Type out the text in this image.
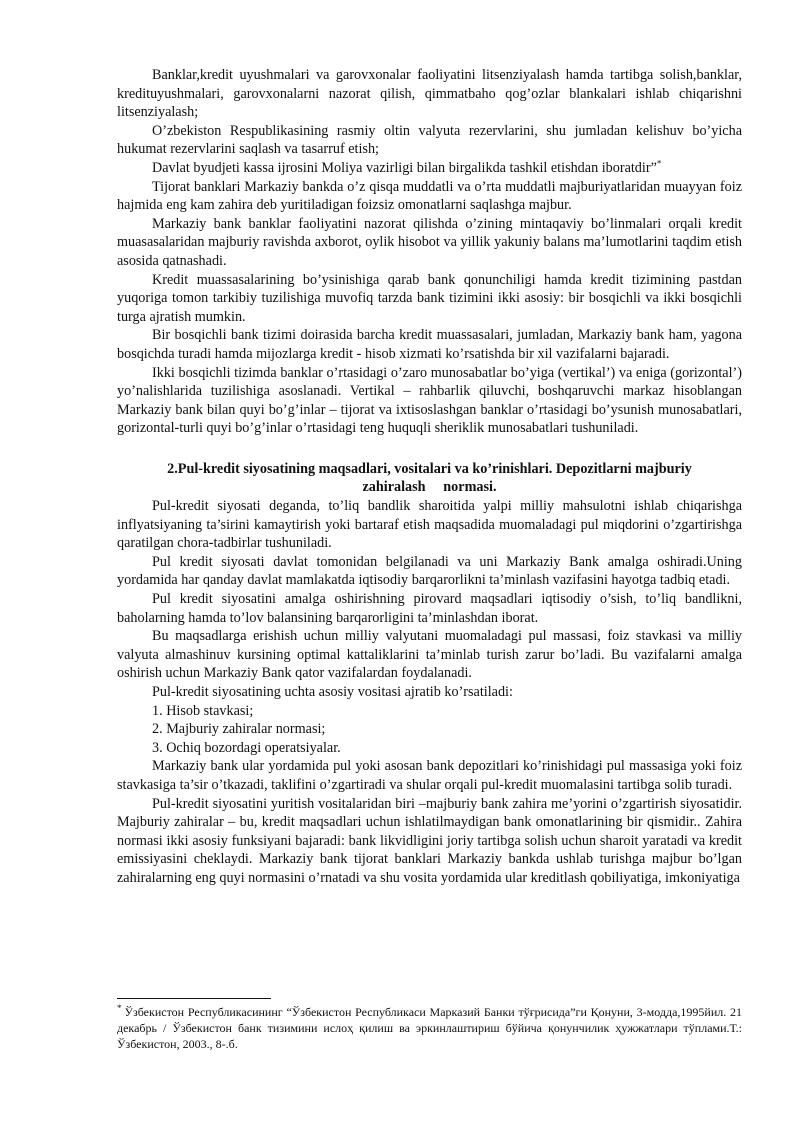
Banklar,kredit uyushmalari va garovxonalar faoliyatini litsenziyalash hamda tartibga solish,banklar, kredituyushmalari, garovxonalarni nazorat qilish, qimmatbaho qog’ozlar blankalari ishlab chiqarishni litsenziyalash;

O’zbekiston Respublikasining rasmiy oltin valyuta rezervlarini, shu jumladan kelishuv bo’yicha hukumat rezervlarini saqlash va tasarruf etish;

Davlat byudjeti kassa ijrosini Moliya vazirligi bilan birgalikda tashkil etishdan iboratdir”*

Tijorat banklari Markaziy bankda o’z qisqa muddatli va o’rta muddatli majburiyatlaridan muayyan foiz hajmida eng kam zahira deb yuritiladigan foizsiz omonatlarni saqlashga majbur.

Markaziy bank banklar faoliyatini nazorat qilishda o’zining mintaqaviy bo’linmalari orqali kredit muasasalaridan majburiy ravishda axborot, oylik hisobot va yillik yakuniy balans ma’lumotlarini taqdim etish asosida qatnashadi.

Kredit muassasalarining bo’ysinishiga qarab bank qonunchiligi hamda kredit tizimining pastdan yuqoriga tomon tarkibiy tuzilishiga muvofiq tarzda bank tizimini ikki asosiy: bir bosqichli va ikki bosqichli turga ajratish mumkin.

Bir bosqichli bank tizimi doirasida barcha kredit muassasalari, jumladan, Markaziy bank ham, yagona bosqichda turadi hamda mijozlarga kredit - hisob xizmati ko’rsatishda bir xil vazifalarni bajaradi.

Ikki bosqichli tizimda banklar o’rtasidagi o’zaro munosabatlar bo’yiga (vertikal’) va eniga (gorizontal’) yo’nalishlarida tuzilishiga asoslanadi. Vertikal – rahbarlik qiluvchi, boshqaruvchi markaz hisoblangan Markaziy bank bilan quyi bo’g’inlar – tijorat va ixtisoslashgan banklar o’rtasidagi bo’ysunish munosabatlari, gorizontal-turli quyi bo’g’inlar o’rtasidagi teng huquqli sheriklik munosabatlari tushuniladi.

2.Pul-kredit siyosatining maqsadlari, vositalari va ko’rinishlari. Depozitlarni majburiy
zahiralash     normasi.

Pul-kredit siyosati deganda, to’liq bandlik sharoitida yalpi milliy mahsulotni ishlab chiqarishga inflyatsiyaning ta’sirini kamaytirish yoki bartaraf etish maqsadida muomaladagi pul miqdorini o’zgartirishga qaratilgan chora-tadbirlar tushuniladi.

Pul kredit siyosati davlat tomonidan belgilanadi va uni Markaziy Bank amalga oshiradi.Uning yordamida har qanday davlat mamlakatda iqtisodiy barqarorlikni ta’minlash vazifasini hayotga tadbiq etadi.

Pul kredit siyosatini amalga oshirishning pirovard maqsadlari iqtisodiy o’sish, to’liq bandlikni, baholarning hamda to’lov balansining barqarorligini ta’minlashdan iborat.

Bu maqsadlarga erishish uchun milliy valyutani muomaladagi pul massasi, foiz stavkasi va milliy valyuta almashinuv kursining optimal kattaliklarini ta’minlab turish zarur bo’ladi. Bu vazifalarni amalga oshirish uchun Markaziy Bank qator vazifalardan foydalanadi.

Pul-kredit siyosatining uchta asosiy vositasi ajratib ko’rsatiladi:

1. Hisob stavkasi;

2. Majburiy zahiralar normasi;

3. Ochiq bozordagi operatsiyalar.

Markaziy bank ular yordamida pul yoki asosan bank depozitlari ko’rinishidagi pul massasiga yoki foiz stavkasiga ta’sir o’tkazadi, taklifini o’zgartiradi va shular orqali pul-kredit muomalasini tartibga solib turadi.

Pul-kredit siyosatini yuritish vositalaridan biri –majburiy bank zahira me’yorini o’zgartirish siyosatidir.        Majburiy zahiralar – bu, kredit maqsadlari uchun ishlatilmaydigan bank omonatlarining bir qismidir.. Zahira normasi ikki asosiy funksiyani bajaradi: bank likvidligini joriy tartibga solish uchun sharoit yaratadi va kredit emissiyasini cheklaydi. Markaziy bank tijorat banklari Markaziy bankda ushlab turishga majbur bo’lgan zahiralarning eng quyi normasini o’rnatadi va shu vosita yordamida ular kreditlash qobiliyatiga, imkoniyatiga

* Ўзбекистон Республикасининг “Ўзбекистон Республикаси Марказий Банки тўғрисида”ги Қонуни, 3-модда,1995йил. 21 декабрь / Ўзбекистон банк тизимини ислоҳ қилиш ва эркинлаштириш бўйича қонунчилик ҳужжатлари тўплами.Т.: Ўзбекистон, 2003., 8-.б.
